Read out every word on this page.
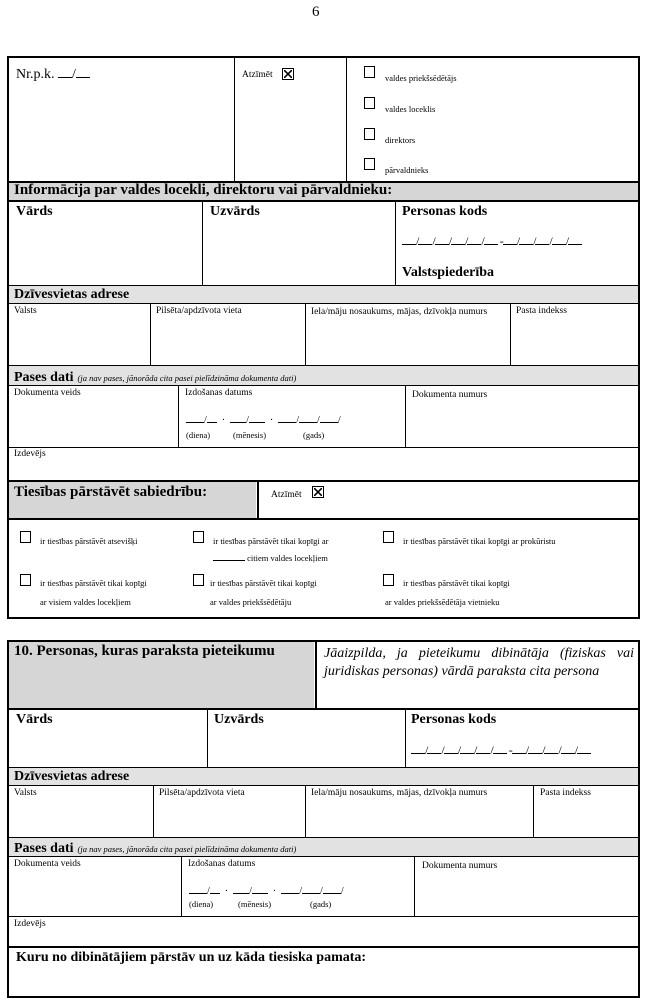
6
Nr.p.k. /	Atzīmēt	valdes priekšsēdētājs
valdes loceklis
direktors
pārvaldnieks
Informācija par valdes locekli, direktoru vai pārvaldnieku:
Vārds	Uzvārds	Personas kods
/ / / / / - / / / /
Valstspiederība
Dzīvesvietas adrese
Valsts	Pilsēta/apdzīvota vieta	Iela/māju nosaukums, mājas, dzīvokļa numurs	Pasta indekss
Pases dati (ja nav pases, jānorāda cita pasei pielīdzināma dokumenta dati)
Dokumenta veids	Izdošanas datums
/  ·  /  ·  / / /
(diena)	(mēnesis)	(gads)
Dokumenta numurs
Izdevējs
Tiesības pārstāvēt sabiedrību:	Atzīmēt
ir tiesības pārstāvēt atsevišķi	ir tiesības pārstāvēt tikai kopīgi ar
citiem valdes locekļiem
ir tiesības pārstāvēt tikai kopīgi ar prokūristu
ir tiesības pārstāvēt tikai kopīgi
ar visiem valdes locekļiem
ir tiesības pārstāvēt tikai kopīgi
ar valdes priekšsēdētāju
ir tiesības pārstāvēt tikai kopīgi
ar valdes priekšsēdētāja vietnieku
10. Personas, kuras paraksta pieteikumu	Jāaizpilda, ja pieteikumu dibinātāja (fiziskas vai juridiskas personas) vārdā paraksta cita persona
Vārds	Uzvārds	Personas kods
/ / / / / - / / / /
Dzīvesvietas adrese
Valsts	Pilsēta/apdzīvota vieta	Iela/māju nosaukums, mājas, dzīvokļa numurs	Pasta indekss
Pases dati (ja nav pases, jānorāda cita pasei pielīdzināma dokumenta dati)
Dokumenta veids	Izdošanas datums
/  ·  /  ·  / / /
(diena)	(mēnesis)	(gads)
Dokumenta numurs
Izdevējs
Kuru no dibinātājiem pārstāv un uz kāda tiesiska pamata:
